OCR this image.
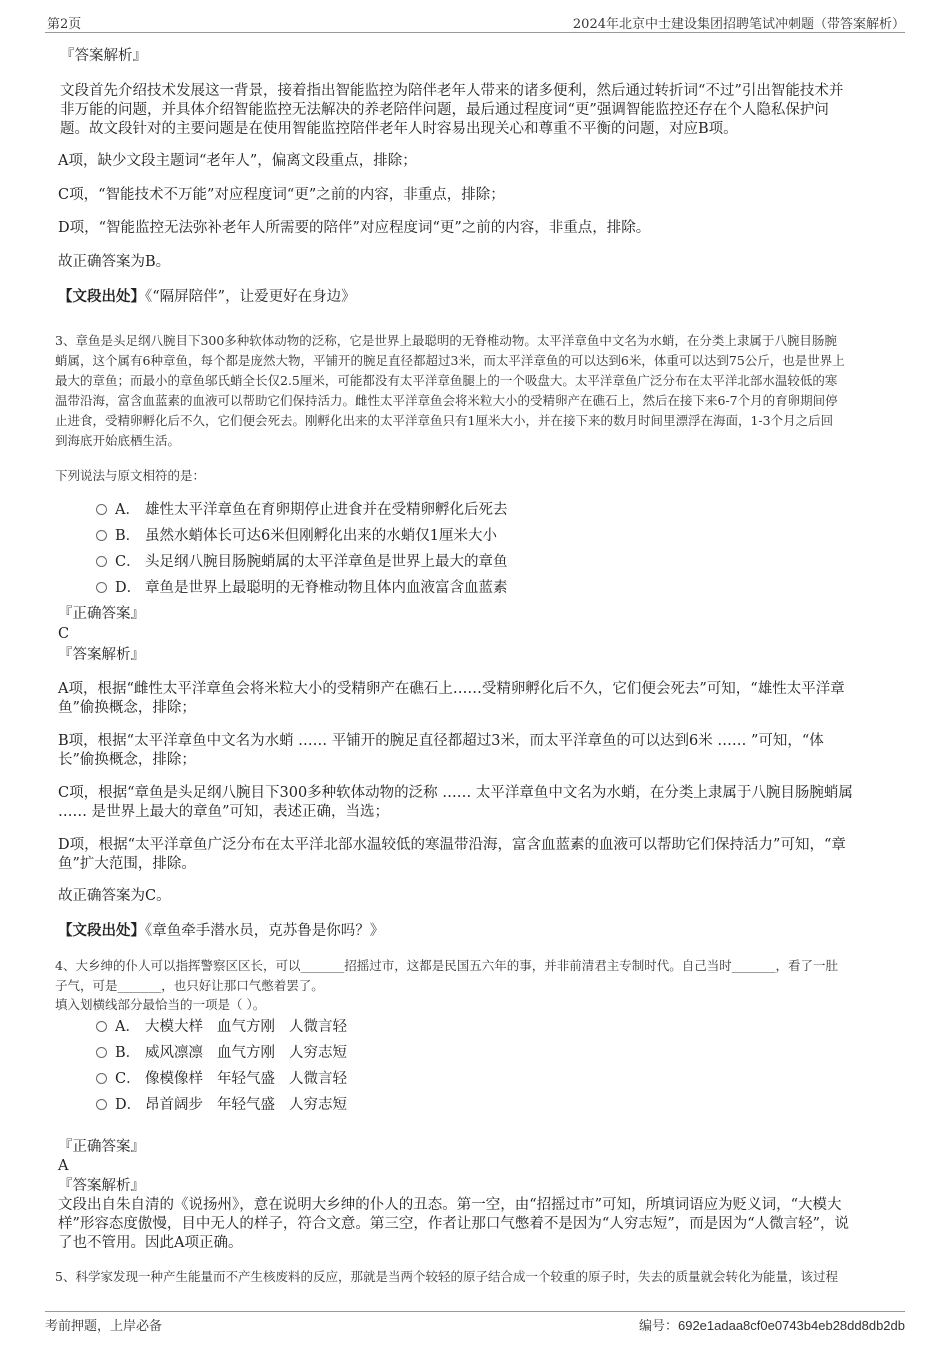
第2页	2024年北京中士建设集团招聘笔试冲刺题（带答案解析）
『答案解析』
文段首先介绍技术发展这一背景，接着指出智能监控为陪伴老年人带来的诸多便利，然后通过转折词“不过”引出智能技术并
非万能的问题，并具体介绍智能监控无法解决的养老陪伴问题，最后通过程度词“更”强调智能监控还存在个人隐私保护问
题。故文段针对的主要问题是在使用智能监控陪伴老年人时容易出现关心和尊重不平衡的问题，对应B项。
A项，缺少文段主题词“老年人”，偏离文段重点，排除；
C项，“智能技术不万能”对应程度词“更”之前的内容，非重点，排除；
D项，“智能监控无法弥补老年人所需要的陪伴”对应程度词“更”之前的内容，非重点，排除。
故正确答案为B。
【文段出处】《“隔屏陪伴”，让爱更好在身边》
3、章鱼是头足纲八腕目下300多种软体动物的泛称，它是世界上最聪明的无脊椎动物。太平洋章鱼中文名为水蛸，在分类上隶属于八腕目肠腕
蛸属，这个属有6种章鱼，每个都是庞然大物，平铺开的腕足直径都超过3米，而太平洋章鱼的可以达到6米，体重可以达到75公斤，也是世界上
最大的章鱼；而最小的章鱼邬氏蛸全长仅2.5厘米，可能都没有太平洋章鱼腿上的一个吸盘大。太平洋章鱼广泛分布在太平洋北部水温较低的寒
温带沿海，富含血蓝素的血液可以帮助它们保持活力。雌性太平洋章鱼会将米粒大小的受精卵产在礁石上，然后在接下来6-7个月的育卵期间停
止进食，受精卵孵化后不久，它们便会死去。刚孵化出来的太平洋章鱼只有1厘米大小，并在接下来的数月时间里漂浮在海面，1-3个月之后回
到海底开始底栖生活。
下列说法与原文相符的是：
A． 雄性太平洋章鱼在育卵期停止进食并在受精卵孵化后死去
B． 虽然水蛸体长可达6米但刚孵化出来的水蛸仅1厘米大小
C． 头足纲八腕目肠腕蛸属的太平洋章鱼是世界上最大的章鱼
D． 章鱼是世界上最聪明的无脊椎动物且体内血液富含血蓝素
『正确答案』
C
『答案解析』
A项，根据“雌性太平洋章鱼会将米粒大小的受精卵产在礁石上……受精卵孵化后不久，它们便会死去”可知，“雄性太平洋章
鱼”偷换概念，排除；
B项，根据“太平洋章鱼中文名为水蛸 …… 平铺开的腕足直径都超过3米，而太平洋章鱼的可以达到6米 …… ”可知，“体
长”偷换概念，排除；
C项，根据“章鱼是头足纲八腕目下300多种软体动物的泛称 …… 太平洋章鱼中文名为水蛸，在分类上隶属于八腕目肠腕蛸属
…… 是世界上最大的章鱼”可知，表述正确，当选；
D项，根据“太平洋章鱼广泛分布在太平洋北部水温较低的寒温带沿海，富含血蓝素的血液可以帮助它们保持活力”可知，“章
鱼”扩大范围，排除。
故正确答案为C。
【文段出处】《章鱼牵手潜水员，克苏鲁是你吗？》
4、大乡绅的仆人可以指挥警察区区长，可以_______招摇过市，这都是民国五六年的事，并非前清君主专制时代。自己当时_______，看了一肚
子气，可是_______，也只好让那口气憋着罢了。
填入划横线部分最恰当的一项是（ ）。
A． 大模大样 血气方刚 人微言轻
B． 威风凛凛 血气方刚 人穷志短
C． 像模像样 年轻气盛 人微言轻
D． 昂首阔步 年轻气盛 人穷志短
『正确答案』
A
『答案解析』
文段出自朱自清的《说扬州》，意在说明大乡绅的仆人的丑态。第一空，由“招摇过市”可知，所填词语应为贬义词，“大模大
样”形容态度傲慢，目中无人的样子，符合文意。第三空，作者让那口气憋着不是因为“人穷志短”，而是因为“人微言轻”，说
了也不管用。因此A项正确。
5、科学家发现一种产生能量而不产生核废料的反应，那就是当两个较轻的原子结合成一个较重的原子时，失去的质量就会转化为能量，该过程
考前押题，上岸必备	编号：692e1adaa8cf0e0743b4eb28dd8db2db
